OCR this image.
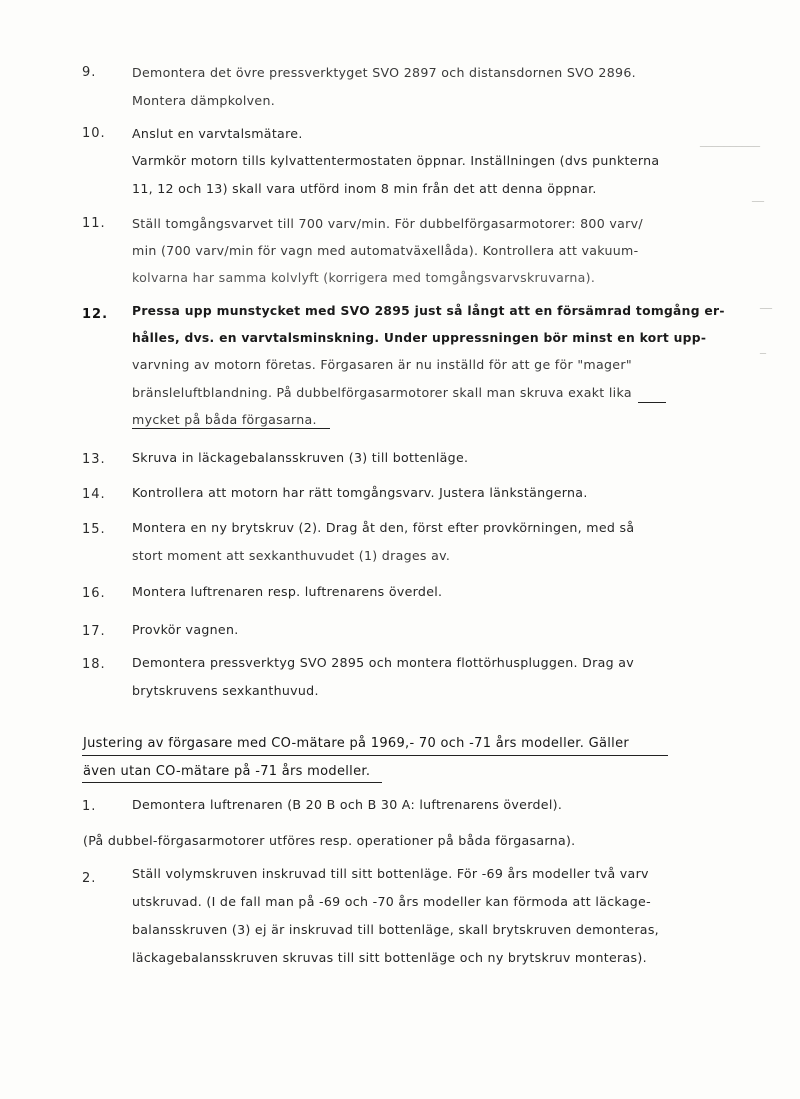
__________
__
__
_
9.	Demontera det övre pressverktyget SVO 2897 och distansdornen SVO 2896.
Montera dämpkolven.
10.	Anslut en varvtalsmätare.
Varmkör motorn tills kylvattentermostaten öppnar. Inställningen (dvs punkterna
11, 12 och 13) skall vara utförd inom 8 min från det att denna öppnar.
11.	Ställ tomgångsvarvet till 700 varv/min. För dubbelförgasarmotorer: 800 varv/
min (700 varv/min för vagn med automatväxellåda). Kontrollera att vakuum-
kolvarna har samma kolvlyft (korrigera med tomgångsvarvskruvarna).
12.	Pressa upp munstycket med SVO 2895 just så långt att en försämrad tomgång er-
hålles, dvs. en varvtalsminskning. Under uppressningen bör minst en kort upp-
varvning av motorn företas. Förgasaren är nu inställd för att ge för "mager"
bränsleluftblandning. På dubbelförgasarmotorer skall man skruva exakt lika
mycket på båda förgasarna.
13.	Skruva in läckagebalansskruven (3) till bottenläge.
14.	Kontrollera att motorn har rätt tomgångsvarv. Justera länkstängerna.
15.	Montera en ny brytskruv (2). Drag åt den, först efter provkörningen, med så
stort moment att sexkanthuvudet (1) drages av.
16.	Montera luftrenaren resp. luftrenarens överdel.
17.	Provkör vagnen.
18.	Demontera pressverktyg SVO 2895 och montera flottörhuspluggen. Drag av
brytskruvens sexkanthuvud.
Justering av förgasare med CO-mätare på 1969,- 70 och -71 års modeller. Gäller
även utan CO-mätare på -71 års modeller.
1.	Demontera luftrenaren (B 20 B och B 30 A: luftrenarens överdel).
(På dubbel-förgasarmotorer utföres resp. operationer på båda förgasarna).
2.	Ställ volymskruven inskruvad till sitt bottenläge. För -69 års modeller två varv
utskruvad. (I de fall man på -69 och -70 års modeller kan förmoda att läckage-
balansskruven (3) ej är inskruvad till bottenläge, skall brytskruven demonteras,
läckagebalansskruven skruvas till sitt bottenläge och ny brytskruv monteras).
